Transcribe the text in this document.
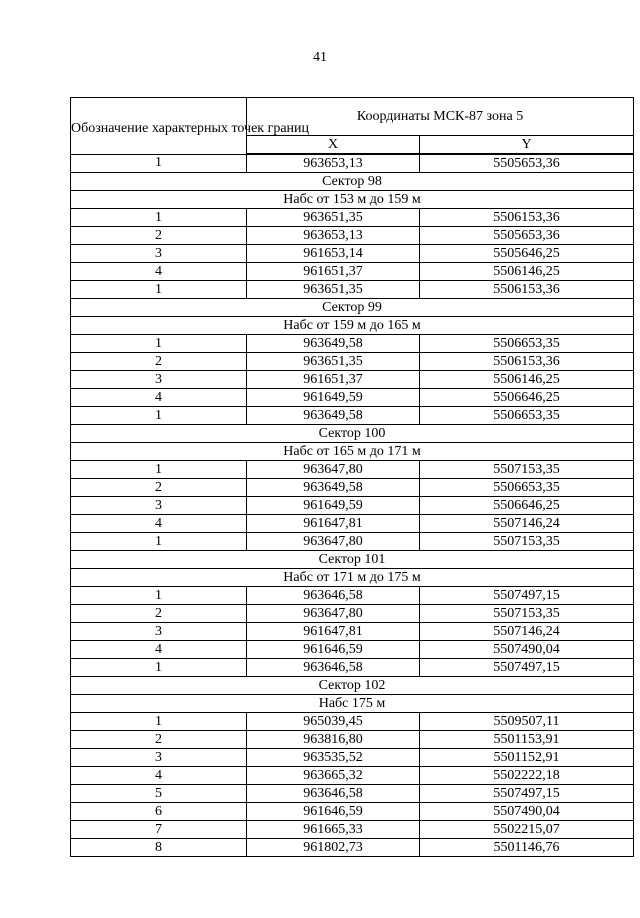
41
Обозначение характерных точек границ	Координаты МСК-87 зона 5	
	X	Y
1	963653,13	5505653,36
Сектор 98		
Набс от 153 м до 159 м		
1	963651,35	5506153,36
2	963653,13	5505653,36
3	961653,14	5505646,25
4	961651,37	5506146,25
1	963651,35	5506153,36
Сектор 99		
Набс от 159 м до 165 м		
1	963649,58	5506653,35
2	963651,35	5506153,36
3	961651,37	5506146,25
4	961649,59	5506646,25
1	963649,58	5506653,35
Сектор 100		
Набс от 165 м до 171 м		
1	963647,80	5507153,35
2	963649,58	5506653,35
3	961649,59	5506646,25
4	961647,81	5507146,24
1	963647,80	5507153,35
Сектор 101		
Набс от 171 м до 175 м		
1	963646,58	5507497,15
2	963647,80	5507153,35
3	961647,81	5507146,24
4	961646,59	5507490,04
1	963646,58	5507497,15
Сектор 102		
Набс 175 м		
1	965039,45	5509507,11
2	963816,80	5501153,91
3	963535,52	5501152,91
4	963665,32	5502222,18
5	963646,58	5507497,15
6	961646,59	5507490,04
7	961665,33	5502215,07
8	961802,73	5501146,76
